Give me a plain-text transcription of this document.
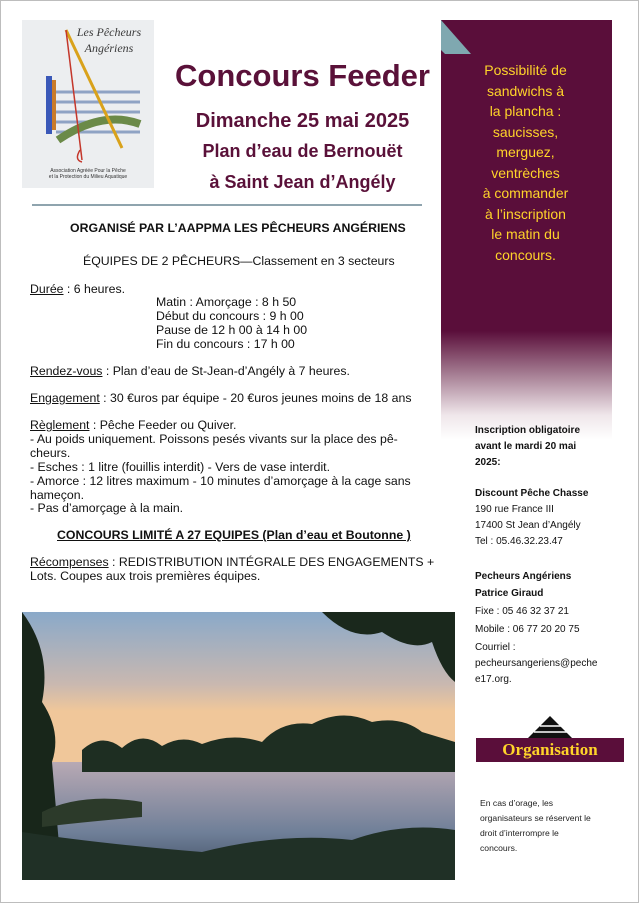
Les Pêcheurs
Angériens
Association Agréée Pour la Pêche
et la Protection du Milieu Aquatique
Concours Feeder
Dimanche 25 mai 2025
Plan d’eau de Bernouët
à Saint Jean d’Angély
ORGANISÉ PAR L’AAPPMA LES PÊCHEURS ANGÉRIENS
ÉQUIPES DE 2 PÊCHEURS—Classement en 3 secteurs
Durée : 6 heures.
Matin : Amorçage : 8 h 50
Début du concours : 9 h 00
Pause de 12 h 00 à 14 h 00
Fin du concours : 17 h 00
Rendez-vous : Plan d’eau de St-Jean-d’Angély à 7 heures.
Engagement : 30 €uros par équipe - 20 €uros jeunes moins de 18 ans
Règlement : Pêche Feeder ou Quiver.
- Au poids uniquement. Poissons pesés vivants sur la place des pê-
cheurs.
- Esches : 1 litre (fouillis interdit) - Vers de vase interdit.
- Amorce : 12 litres maximum - 10 minutes d’amorçage à la cage sans
hameçon.
- Pas d’amorçage à la main.
CONCOURS LIMITÉ A 27 EQUIPES (Plan d’eau et Boutonne )
Récompenses : REDISTRIBUTION INTÉGRALE DES ENGAGEMENTS +
Lots. Coupes aux trois premières équipes.
Possibilité de
sandwichs à
la plancha :
saucisses,
merguez,
ventrèches
à commander
à l’inscription
le matin du
concours.
Inscription obligatoire
avant le mardi 20 mai
2025:
Discount Pêche Chasse
190 rue France III
17400 St Jean d’Angély
Tel : 05.46.32.23.47
Pecheurs Angériens
Patrice Giraud
Fixe : 05 46 32 37 21
Mobile : 06 77 20 20 75
Courriel :
pecheursangeriens@peche
e17.org.
Organisation
En cas d’orage, les
organisateurs se réservent le
droit d’interrompre le
concours.
